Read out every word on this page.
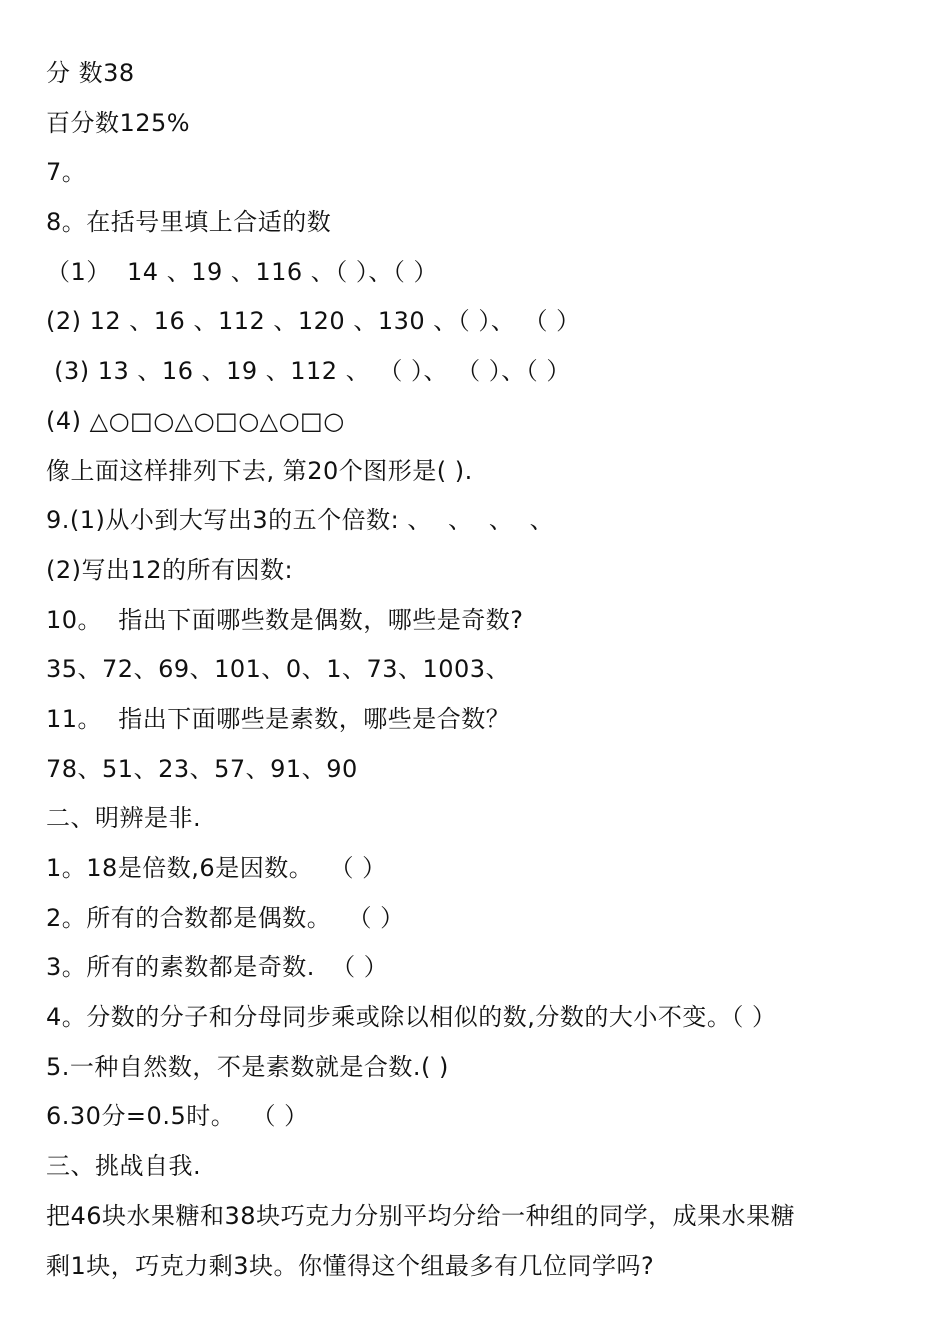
分 数38
百分数125%
7。
8。在括号里填上合适的数
（1）  14 、19 、116 、（ ）、（ ）
(2) 12 、16 、112 、120 、130 、（ ）、 （ ）
(3) 13 、16 、19 、112 、 （ ）、 （ ）、（ ）
(4) △○□○△○□○△○□○
像上面这样排列下去, 第20个图形是( ).
9.(1)从小到大写出3的五个倍数: 、  、  、  、
(2)写出12的所有因数:
10。  指出下面哪些数是偶数，哪些是奇数?
35、72、69、101、0、1、73、1003、
11。  指出下面哪些是素数，哪些是合数？
78、51、23、57、91、90
二、明辨是非.
1。18是倍数,6是因数。  （ ）
2。所有的合数都是偶数。  （ ）
3。所有的素数都是奇数.  （ ）
4。分数的分子和分母同步乘或除以相似的数,分数的大小不变。（ ）
5.一种自然数，不是素数就是合数.( )
6.30分=0.5时。  （ ）
三、挑战自我.
把46块水果糖和38块巧克力分别平均分给一种组的同学，成果水果糖
剩1块，巧克力剩3块。你懂得这个组最多有几位同学吗?
